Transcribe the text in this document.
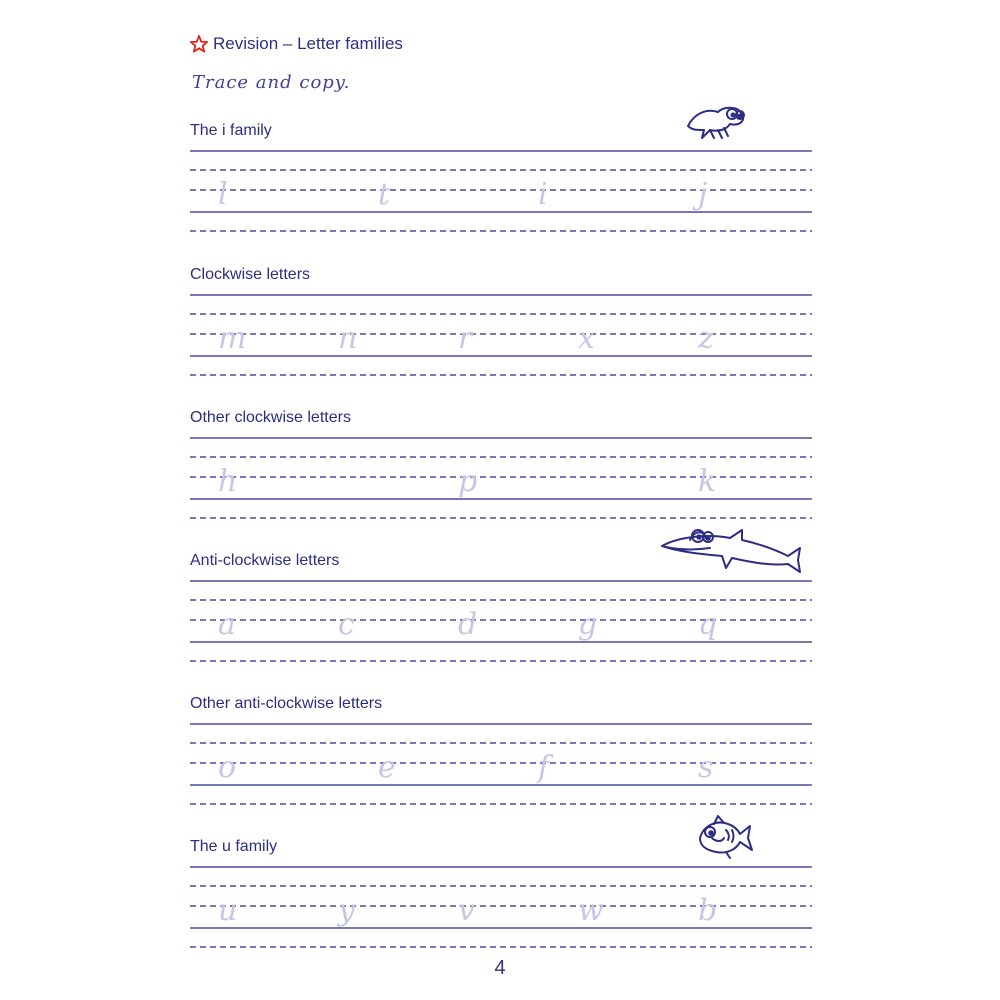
Revision – Letter families
Trace and copy.
The i family
l	t	i	j
Clockwise letters
m	n	r	x	z
Other clockwise letters
h	p	k
Anti-clockwise letters
a	c	d	g	q
Other anti-clockwise letters
o	e	f	s
The u family
u	y	v	w	b
4
